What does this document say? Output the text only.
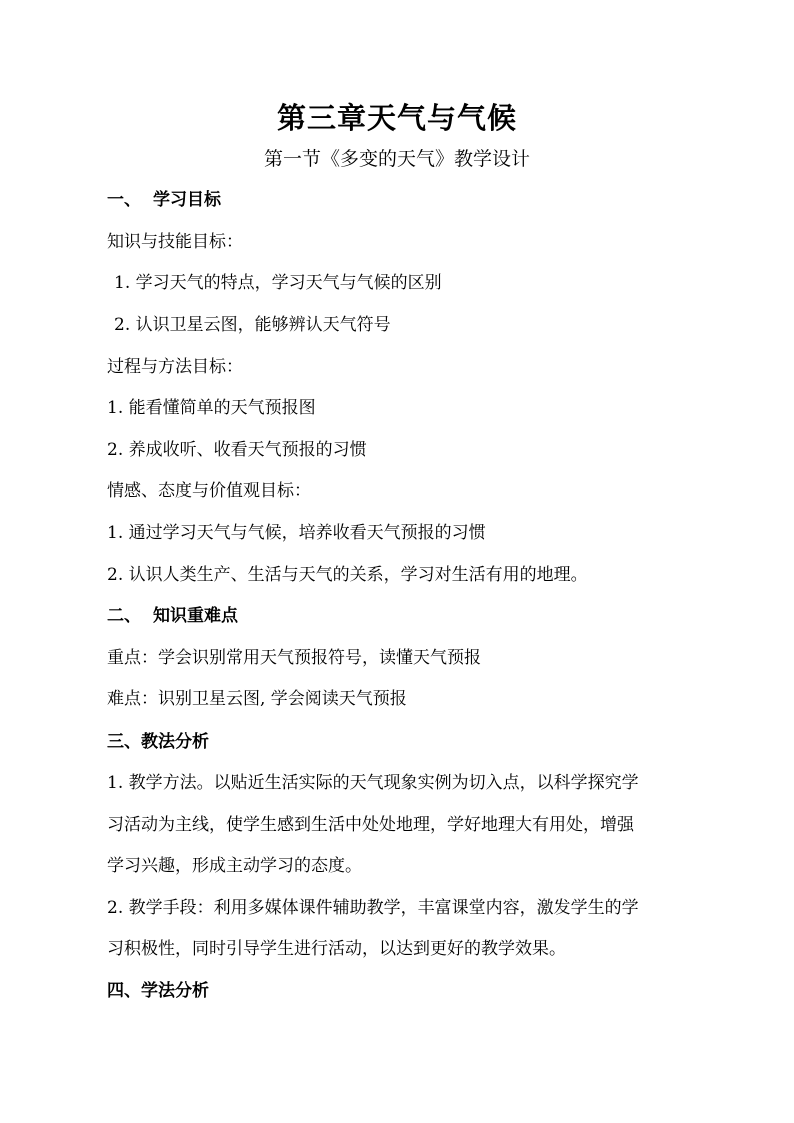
第三章天气与气候
第一节《多变的天气》教学设计
一、 学习目标
知识与技能目标：
1. 学习天气的特点，学习天气与气候的区别
2. 认识卫星云图，能够辨认天气符号
过程与方法目标：
1. 能看懂简单的天气预报图
2. 养成收听、收看天气预报的习惯
情感、态度与价值观目标：
1. 通过学习天气与气候，培养收看天气预报的习惯
2. 认识人类生产、生活与天气的关系，学习对生活有用的地理。
二、 知识重难点
重点：学会识别常用天气预报符号，读懂天气预报
难点：识别卫星云图, 学会阅读天气预报
三、教法分析
1. 教学方法。以贴近生活实际的天气现象实例为切入点，以科学探究学
习活动为主线，使学生感到生活中处处地理，学好地理大有用处，增强
学习兴趣，形成主动学习的态度。
2. 教学手段：利用多媒体课件辅助教学，丰富课堂内容，激发学生的学
习积极性，同时引导学生进行活动，以达到更好的教学效果。
四、学法分析
